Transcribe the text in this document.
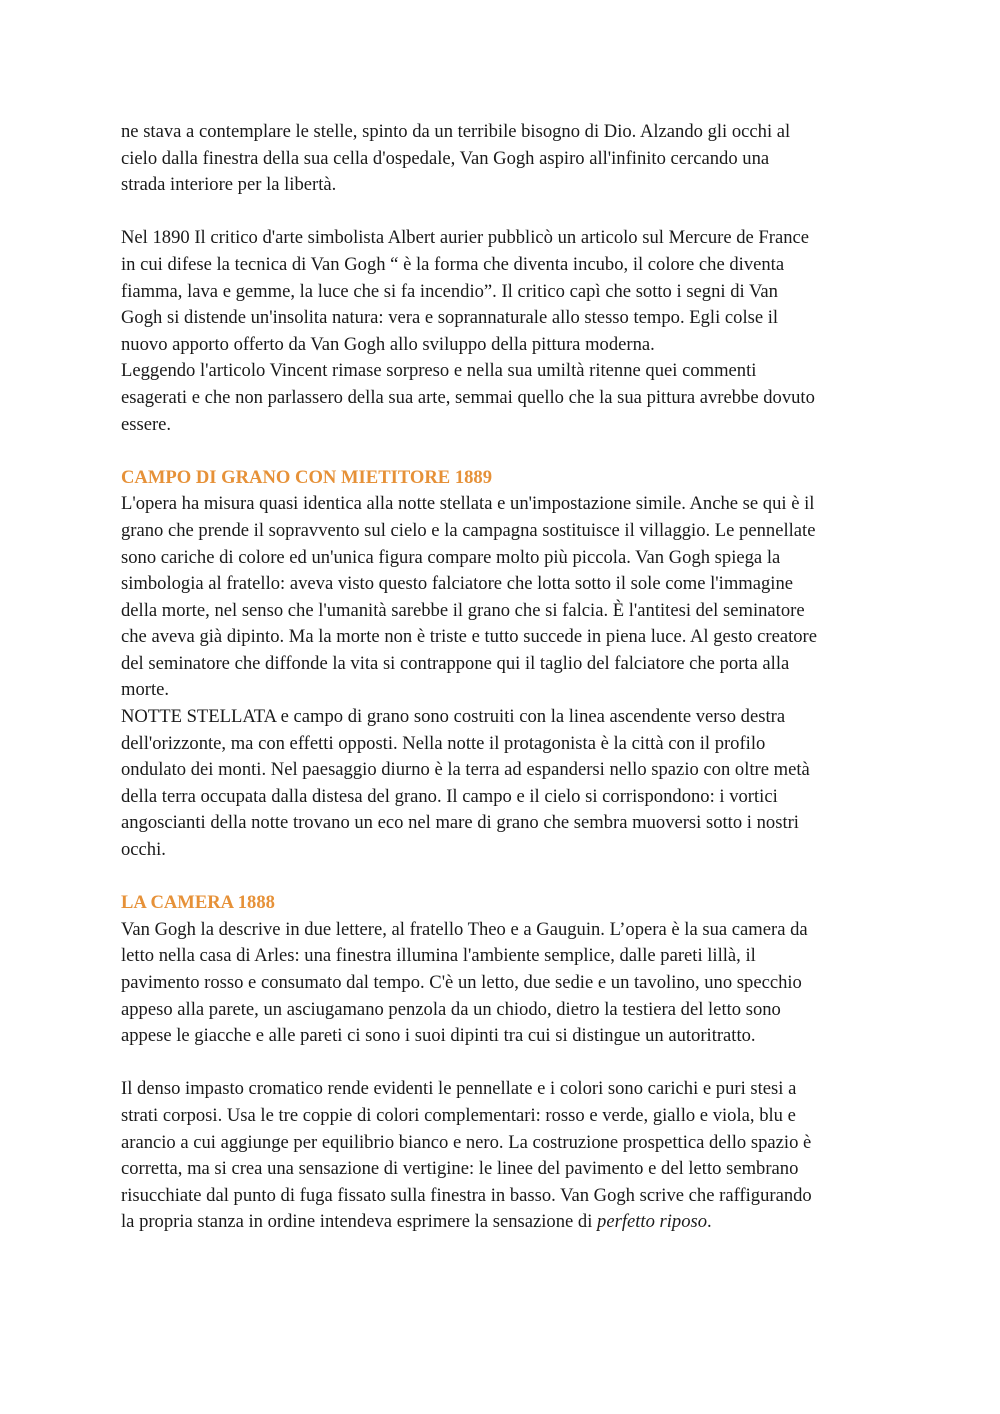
ne stava a contemplare le stelle, spinto da un terribile bisogno di Dio. Alzando gli occhi al
cielo dalla finestra della sua cella d'ospedale, Van Gogh aspiro all'infinito cercando una
strada interiore per la libertà.

Nel 1890 Il critico d'arte simbolista Albert aurier pubblicò un articolo sul Mercure de France
in cui difese la tecnica di Van Gogh “ è la forma che diventa incubo, il colore che diventa
fiamma, lava e gemme, la luce che si fa incendio”. Il critico capì che sotto i segni di Van
Gogh si distende un'insolita natura: vera e soprannaturale allo stesso tempo. Egli colse il
nuovo apporto offerto da Van Gogh allo sviluppo della pittura moderna.

Leggendo l'articolo Vincent rimase sorpreso e nella sua umiltà ritenne quei commenti
esagerati e che non parlassero della sua arte, semmai quello che la sua pittura avrebbe dovuto
essere.

CAMPO DI GRANO CON MIETITORE 1889

L'opera ha misura quasi identica alla notte stellata e un'impostazione simile. Anche se qui è il
grano che prende il sopravvento sul cielo e la campagna sostituisce il villaggio. Le pennellate
sono cariche di colore ed un'unica figura compare molto più piccola. Van Gogh spiega la
simbologia al fratello: aveva visto questo falciatore che lotta sotto il sole come l'immagine
della morte, nel senso che l'umanità sarebbe il grano che si falcia. È l'antitesi del seminatore
che aveva già dipinto. Ma la morte non è triste e tutto succede in piena luce. Al gesto creatore
del seminatore che diffonde la vita si contrappone qui il taglio del falciatore che porta alla
morte.

NOTTE STELLATA e campo di grano sono costruiti con la linea ascendente verso destra
dell'orizzonte, ma con effetti opposti. Nella notte il protagonista è la città con il profilo
ondulato dei monti. Nel paesaggio diurno è la terra ad espandersi nello spazio con oltre metà
della terra occupata dalla distesa del grano. Il campo e il cielo si corrispondono: i vortici
angoscianti della notte trovano un eco nel mare di grano che sembra muoversi sotto i nostri
occhi.

LA CAMERA 1888

Van Gogh la descrive in due lettere, al fratello Theo e a Gauguin. L’opera è la sua camera da
letto nella casa di Arles: una finestra illumina l'ambiente semplice, dalle pareti lillà, il
pavimento rosso e consumato dal tempo. C'è un letto, due sedie e un tavolino, uno specchio
appeso alla parete, un asciugamano penzola da un chiodo, dietro la testiera del letto sono
appese le giacche e alle pareti ci sono i suoi dipinti tra cui si distingue un autoritratto.

Il denso impasto cromatico rende evidenti le pennellate e i colori sono carichi e puri stesi a
strati corposi. Usa le tre coppie di colori complementari: rosso e verde, giallo e viola, blu e
arancio a cui aggiunge per equilibrio bianco e nero. La costruzione prospettica dello spazio è
corretta, ma si crea una sensazione di vertigine: le linee del pavimento e del letto sembrano
risucchiate dal punto di fuga fissato sulla finestra in basso. Van Gogh scrive che raffigurando
la propria stanza in ordine intendeva esprimere la sensazione di perfetto riposo.
